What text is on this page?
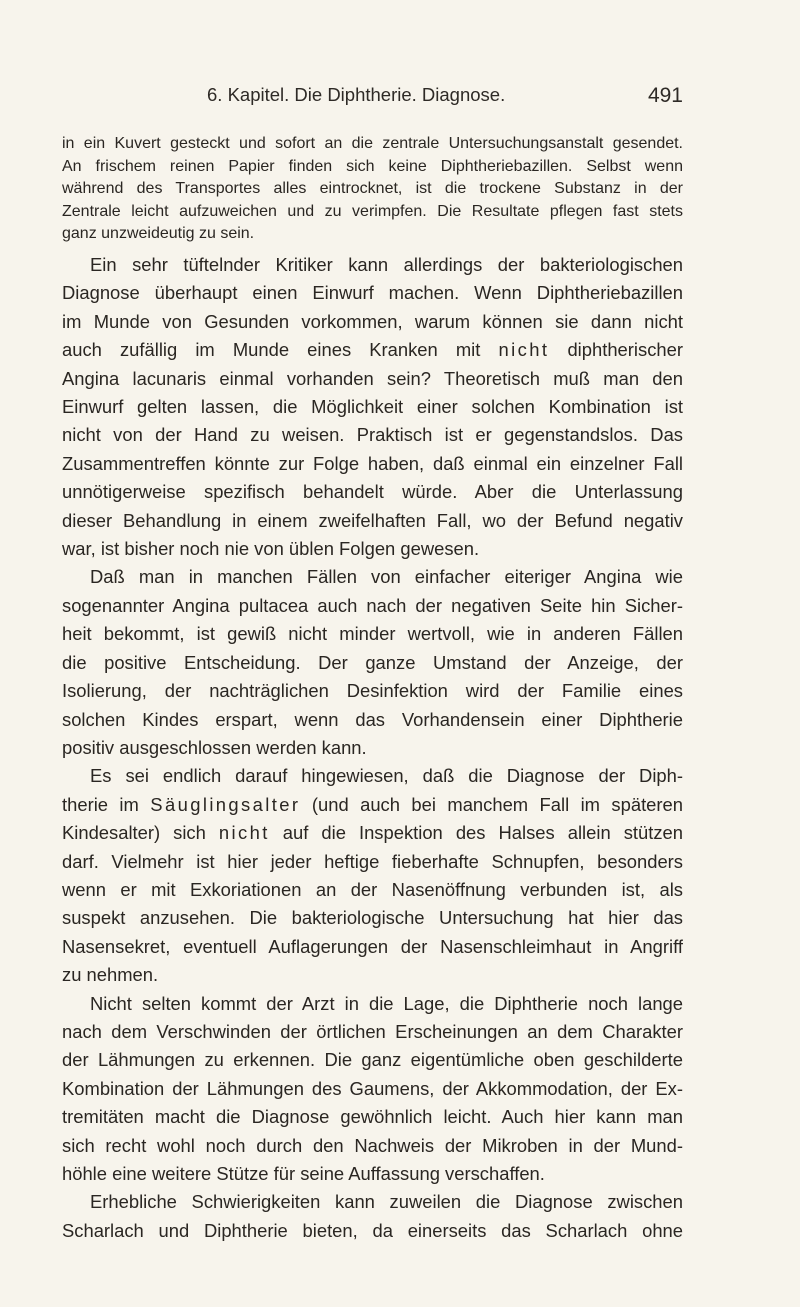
6. Kapitel. Die Diphtherie. Diagnose.	491
in ein Kuvert gesteckt und sofort an die zentrale Untersuchungsanstalt gesendet.
An frischem reinen Papier finden sich keine Diphtheriebazillen. Selbst wenn
während des Transportes alles eintrocknet, ist die trockene Substanz in der
Zentrale leicht aufzuweichen und zu verimpfen. Die Resultate pflegen fast stets
ganz unzweideutig zu sein.
Ein sehr tüftelnder Kritiker kann allerdings der bakteriologischen
Diagnose überhaupt einen Einwurf machen. Wenn Diphtheriebazillen
im Munde von Gesunden vorkommen, warum können sie dann nicht
auch zufällig im Munde eines Kranken mit nicht diphtherischer
Angina lacunaris einmal vorhanden sein? Theoretisch muß man den
Einwurf gelten lassen, die Möglichkeit einer solchen Kombination ist
nicht von der Hand zu weisen. Praktisch ist er gegenstandslos. Das
Zusammentreffen könnte zur Folge haben, daß einmal ein einzelner Fall
unnötigerweise spezifisch behandelt würde. Aber die Unterlassung
dieser Behandlung in einem zweifelhaften Fall, wo der Befund negativ
war, ist bisher noch nie von üblen Folgen gewesen.
Daß man in manchen Fällen von einfacher eiteriger Angina wie
sogenannter Angina pultacea auch nach der negativen Seite hin Sicher-
heit bekommt, ist gewiß nicht minder wertvoll, wie in anderen Fällen
die positive Entscheidung. Der ganze Umstand der Anzeige, der
Isolierung, der nachträglichen Desinfektion wird der Familie eines
solchen Kindes erspart, wenn das Vorhandensein einer Diphtherie
positiv ausgeschlossen werden kann.
Es sei endlich darauf hingewiesen, daß die Diagnose der Diph-
therie im Säuglingsalter (und auch bei manchem Fall im späteren
Kindesalter) sich nicht auf die Inspektion des Halses allein stützen
darf. Vielmehr ist hier jeder heftige fieberhafte Schnupfen, besonders
wenn er mit Exkoriationen an der Nasenöffnung verbunden ist, als
suspekt anzusehen. Die bakteriologische Untersuchung hat hier das
Nasensekret, eventuell Auflagerungen der Nasenschleimhaut in Angriff
zu nehmen.
Nicht selten kommt der Arzt in die Lage, die Diphtherie noch lange
nach dem Verschwinden der örtlichen Erscheinungen an dem Charakter
der Lähmungen zu erkennen. Die ganz eigentümliche oben geschilderte
Kombination der Lähmungen des Gaumens, der Akkommodation, der Ex-
tremitäten macht die Diagnose gewöhnlich leicht. Auch hier kann man
sich recht wohl noch durch den Nachweis der Mikroben in der Mund-
höhle eine weitere Stütze für seine Auffassung verschaffen.
Erhebliche Schwierigkeiten kann zuweilen die Diagnose zwischen
Scharlach und Diphtherie bieten, da einerseits das Scharlach ohne
